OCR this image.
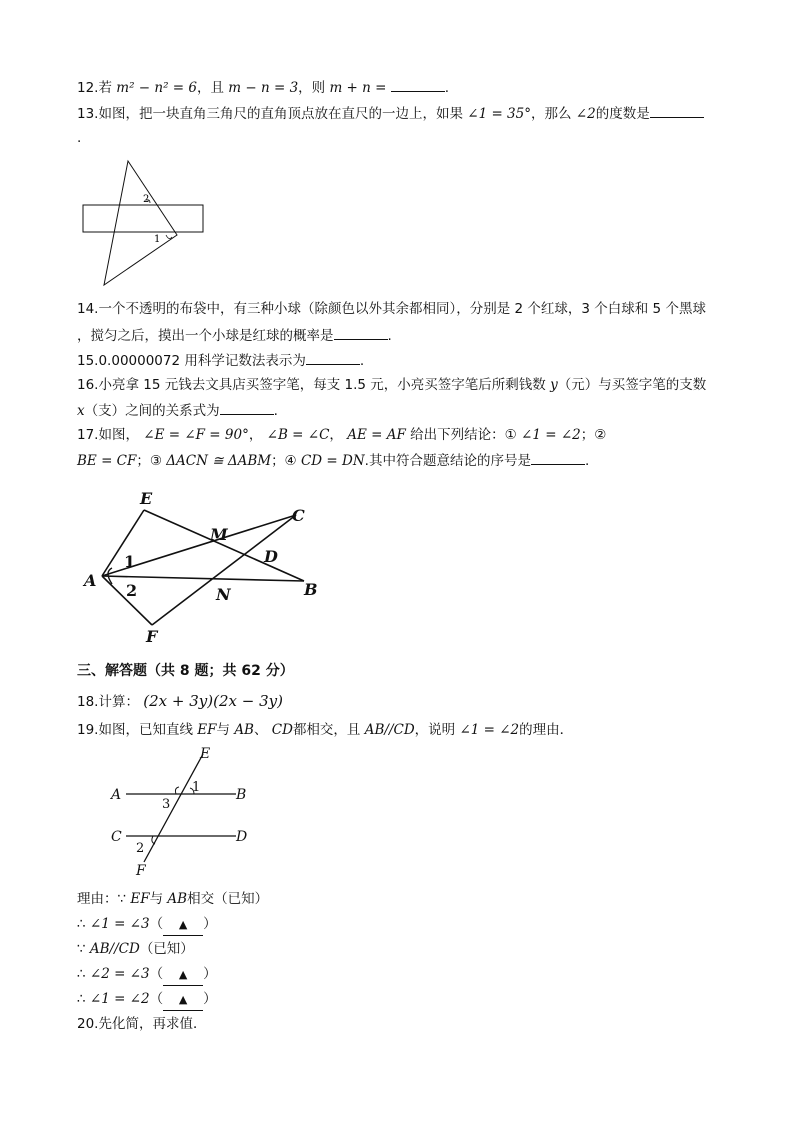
12.若 m² − n² = 6，且 m − n = 3，则 m + n =	.
13.如图，把一块直角三角尺的直角顶点放在直尺的一边上，如果 ∠1 = 35°，那么 ∠2的度数是
.
2
1
14.一个不透明的布袋中，有三种小球（除颜色以外其余都相同），分别是 2 个红球，3 个白球和 5 个黑球
，搅匀之后，摸出一个小球是红球的概率是	.
15.0.00000072 用科学记数法表示为	.
16.小亮拿 15 元钱去文具店买签字笔，每支 1.5 元，小亮买签字笔后所剩钱数 y（元）与买签字笔的支数
x（支）之间的关系式为	.
17.如图， ∠E = ∠F = 90°， ∠B = ∠C， AE = AF 给出下列结论：① ∠1 = ∠2；②
BE = CF；③ ΔACN ≅ ΔABM；④ CD = DN.其中符合题意结论的序号是	.
E
M
C
D
1
A
2	N	B
F
三、解答题（共 8 题；共 62 分）
18.计算： (2x + 3y)(2x − 3y)
19.如图，已知直线 EF与 AB、 CD都相交，且 AB//CD，说明 ∠1 = ∠2的理由．
E
1
A
3
B
C	D
2
F
理由：∵ EF与 AB相交（已知）
∴ ∠1 = ∠3（ ▲ ）
∵ AB//CD（已知）
∴ ∠2 = ∠3（ ▲ ）
∴ ∠1 = ∠2（ ▲ ）
20.先化简，再求值．
